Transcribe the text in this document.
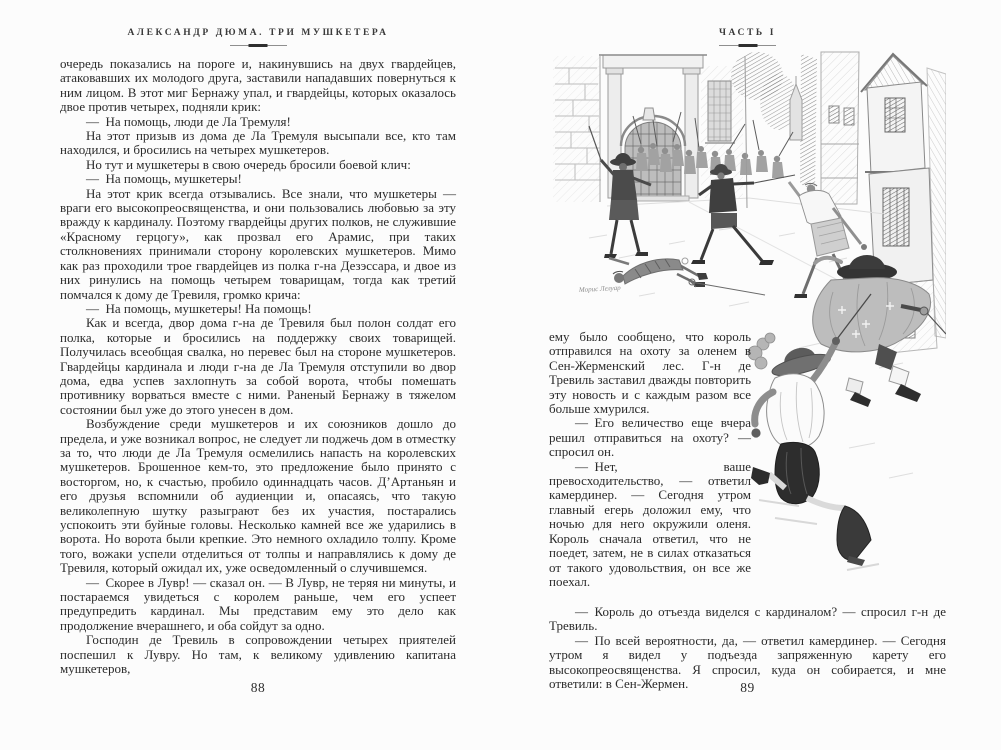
АЛЕКСАНДР ДЮМА. ТРИ МУШКЕТЕРА

очередь показались на пороге и, накинувшись на двух гвардейцев, атаковавших их молодого друга, заставили нападавших повернуться к ним лицом. В этот миг Бернажу упал, и гвардейцы, которых оказалось двое против четырех, подняли крик:

— На помощь, люди де Ла Тремуля!

На этот призыв из дома де Ла Тремуля высыпали все, кто там находился, и бросились на четырех мушкетеров.

Но тут и мушкетеры в свою очередь бросили боевой клич:

— На помощь, мушкетеры!

На этот крик всегда отзывались. Все знали, что мушкетеры — враги его высокопреосвященства, и они пользовались любовью за эту вражду к кардиналу. Поэтому гвардейцы других полков, не служившие «Красному герцогу», как прозвал его Арамис, при таких столкновениях принимали сторону королевских мушкетеров. Мимо как раз проходили трое гвардейцев из полка г-на Дезэссара, и двое из них ринулись на помощь четырем товарищам, тогда как третий помчался к дому де Тревиля, громко крича:

— На помощь, мушкетеры! На помощь!

Как и всегда, двор дома г-на де Тревиля был полон солдат его полка, которые и бросились на поддержку своих товарищей. Получилась всеобщая свалка, но перевес был на стороне мушкетеров. Гвардейцы кардинала и люди г-на де Ла Тремуля отступили во двор дома, едва успев захлопнуть за собой ворота, чтобы помешать противнику ворваться вместе с ними. Раненый Бернажу в тяжелом состоянии был уже до этого унесен в дом.

Возбуждение среди мушкетеров и их союзников дошло до предела, и уже возникал вопрос, не следует ли поджечь дом в отместку за то, что люди де Ла Тремуля осмелились напасть на королевских мушкетеров. Брошенное кем-то, это предложение было принято с восторгом, но, к счастью, пробило одиннадцать часов. Д’Артаньян и его друзья вспомнили об аудиенции и, опасаясь, что такую великолепную шутку разыграют без их участия, постарались успокоить эти буйные головы. Несколько камней все же ударились в ворота. Но ворота были крепкие. Это немного охладило толпу. Кроме того, вожаки успели отделиться от толпы и направлялись к дому де Тревиля, который ожидал их, уже осведомленный о случившемся.

— Скорее в Лувр! — сказал он. — В Лувр, не теряя ни минуты, и постараемся увидеться с королем раньше, чем его успеет предупредить кардинал. Мы представим ему это дело как продолжение вчерашнего, и оба сойдут за одно.

Господин де Тревиль в сопровождении четырех приятелей поспешил к Лувру. Но там, к великому удивлению капитана мушкетеров,

88
ЧАСТЬ I
Морис Лелуар

ему было сообщено, что король отправился на охоту за оленем в Сен-Жерменский лес. Г-н де Тревиль заставил дважды повторить эту новость и с каждым разом все больше хмурился.

— Его величество еще вчера решил отправиться на охоту? — спросил он.

— Нет, ваше превосходительство, — ответил камердинер. — Сегодня утром главный егерь доложил ему, что ночью для него окружили оленя. Король сначала ответил, что не поедет, затем, не в силах отказаться от такого удовольствия, он все же поехал.

— Король до отъезда виделся с кардиналом? — спросил г-н де Тревиль.

— По всей вероятности, да, — ответил камердинер. — Сегодня утром я видел у подъезда запряженную карету его высокопреосвященства. Я спросил, куда он собирается, и мне ответили: в Сен-Жермен.	89
